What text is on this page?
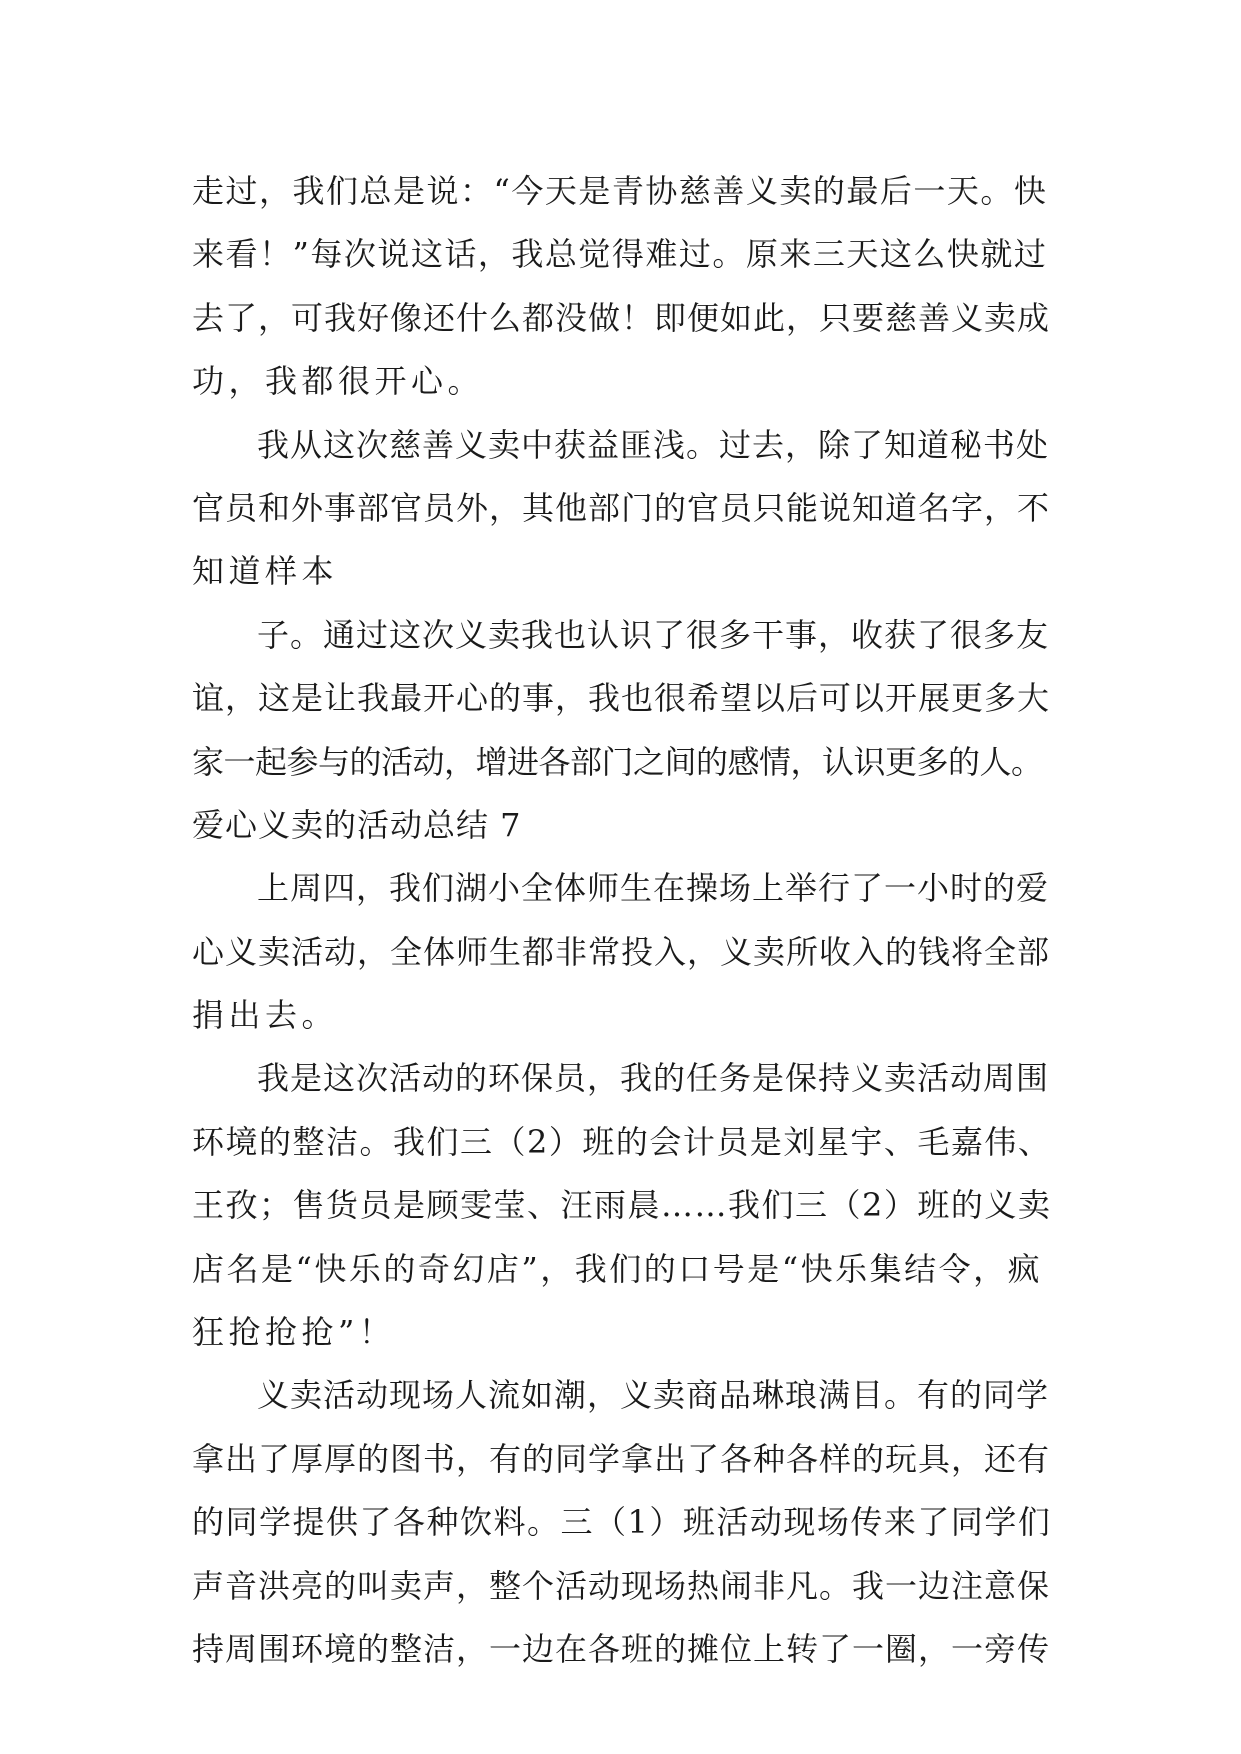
走过，我们总是说：“今天是青协慈善义卖的最后一天。快
来看！”每次说这话，我总觉得难过。原来三天这么快就过
去了，可我好像还什么都没做！即便如此，只要慈善义卖成
功，我都很开心。
我从这次慈善义卖中获益匪浅。过去，除了知道秘书处
官员和外事部官员外，其他部门的官员只能说知道名字，不
知道样本
子。通过这次义卖我也认识了很多干事，收获了很多友
谊，这是让我最开心的事，我也很希望以后可以开展更多大
家一起参与的活动，增进各部门之间的感情，认识更多的人。
爱心义卖的活动总结 7
上周四，我们湖小全体师生在操场上举行了一小时的爱
心义卖活动，全体师生都非常投入，义卖所收入的钱将全部
捐出去。
我是这次活动的环保员，我的任务是保持义卖活动周围
环境的整洁。我们三（2）班的会计员是刘星宇、毛嘉伟、
王孜；售货员是顾雯莹、汪雨晨……我们三（2）班的义卖
店名是“快乐的奇幻店”，我们的口号是“快乐集结令，疯
狂抢抢抢”！
义卖活动现场人流如潮，义卖商品琳琅满目。有的同学
拿出了厚厚的图书，有的同学拿出了各种各样的玩具，还有
的同学提供了各种饮料。三（1）班活动现场传来了同学们
声音洪亮的叫卖声，整个活动现场热闹非凡。我一边注意保
持周围环境的整洁，一边在各班的摊位上转了一圈，一旁传
